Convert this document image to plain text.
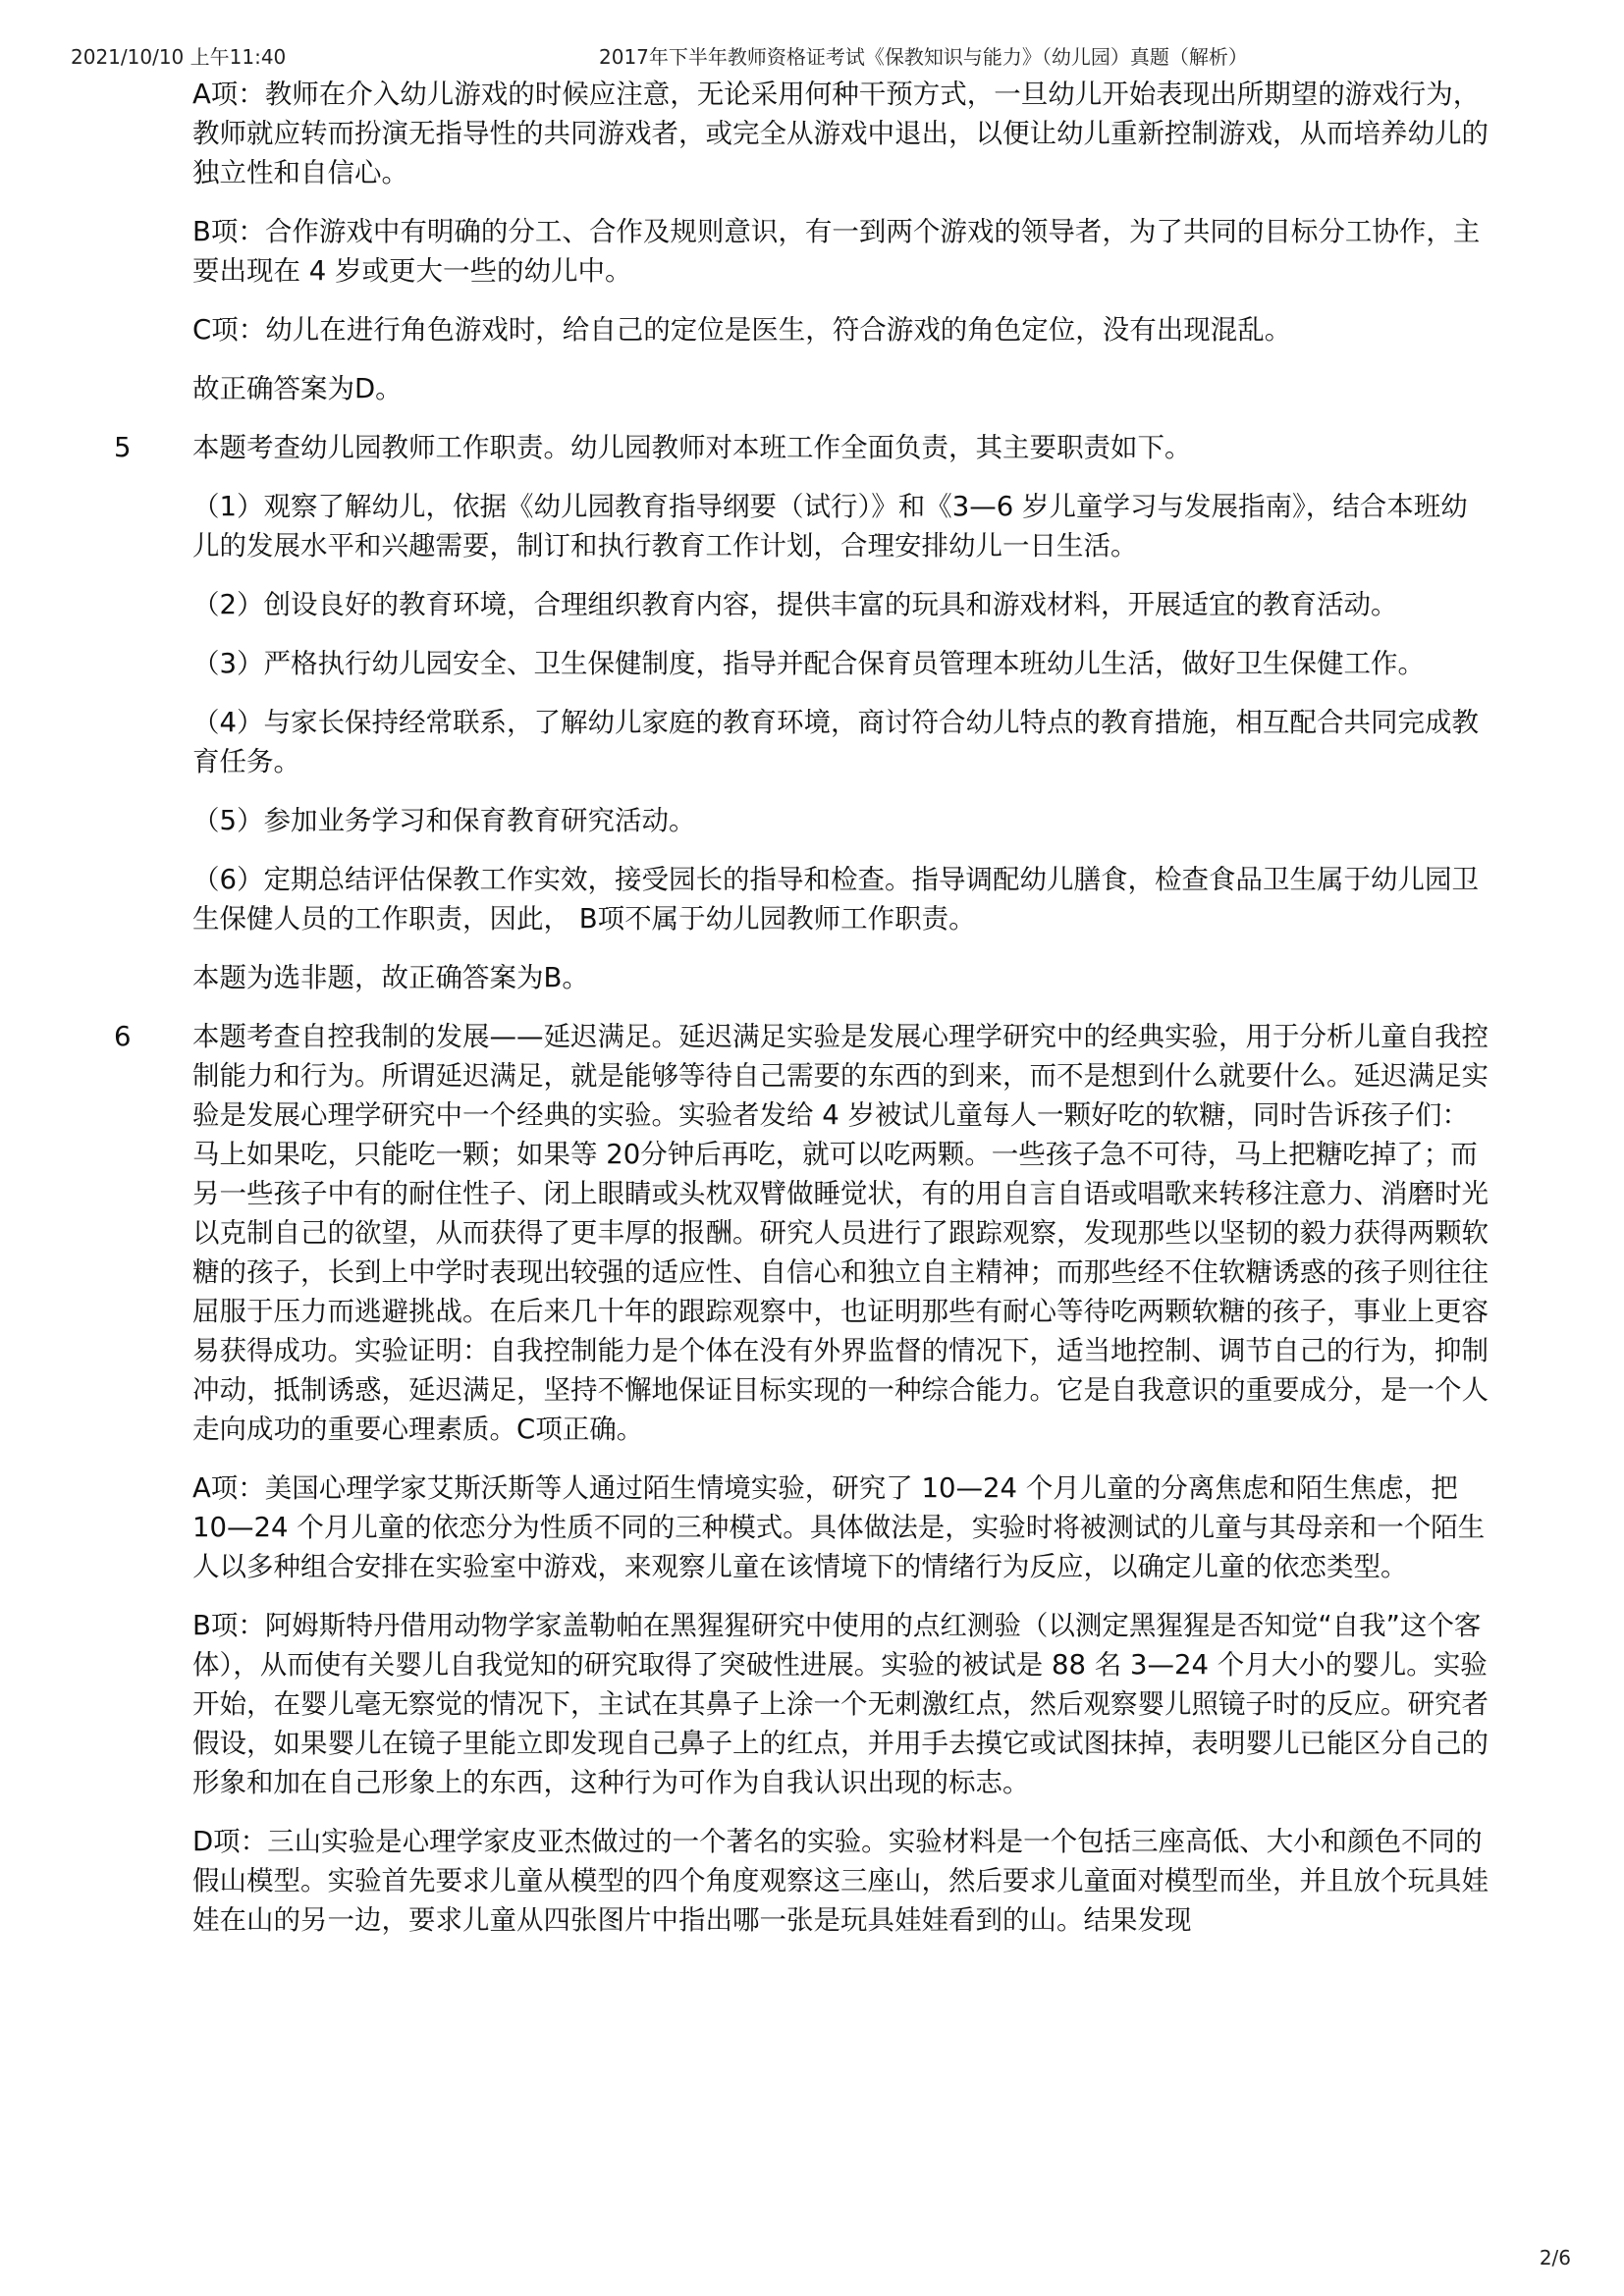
2021/10/10 上午11:40	2017年下半年教师资格证考试《保教知识与能力》（幼儿园）真题（解析）

A项：教师在介入幼儿游戏的时候应注意，无论采用何种干预方式，一旦幼儿开始表现出所期望的游戏行为，教师就应转而扮演无指导性的共同游戏者，或完全从游戏中退出，以便让幼儿重新控制游戏，从而培养幼儿的独立性和自信心。

B项：合作游戏中有明确的分工、合作及规则意识，有一到两个游戏的领导者，为了共同的目标分工协作，主要出现在 4 岁或更大一些的幼儿中。

C项：幼儿在进行角色游戏时，给自己的定位是医生，符合游戏的角色定位，没有出现混乱。

故正确答案为D。

5 本题考查幼儿园教师工作职责。幼儿园教师对本班工作全面负责，其主要职责如下。

（1）观察了解幼儿，依据《幼儿园教育指导纲要（试行）》和《3—6 岁儿童学习与发展指南》，结合本班幼儿的发展水平和兴趣需要，制订和执行教育工作计划，合理安排幼儿一日生活。

（2）创设良好的教育环境，合理组织教育内容，提供丰富的玩具和游戏材料，开展适宜的教育活动。

（3）严格执行幼儿园安全、卫生保健制度，指导并配合保育员管理本班幼儿生活，做好卫生保健工作。

（4）与家长保持经常联系，了解幼儿家庭的教育环境，商讨符合幼儿特点的教育措施，相互配合共同完成教育任务。

（5）参加业务学习和保育教育研究活动。

（6）定期总结评估保教工作实效，接受园长的指导和检查。指导调配幼儿膳食，检查食品卫生属于幼儿园卫生保健人员的工作职责，因此， B项不属于幼儿园教师工作职责。

本题为选非题，故正确答案为B。

6 本题考查自控我制的发展——延迟满足。延迟满足实验是发展心理学研究中的经典实验，用于分析儿童自我控制能力和行为。所谓延迟满足，就是能够等待自己需要的东西的到来，而不是想到什么就要什么。延迟满足实验是发展心理学研究中一个经典的实验。实验者发给 4 岁被试儿童每人一颗好吃的软糖，同时告诉孩子们：马上如果吃，只能吃一颗；如果等 20分钟后再吃，就可以吃两颗。一些孩子急不可待，马上把糖吃掉了；而另一些孩子中有的耐住性子、闭上眼睛或头枕双臂做睡觉状，有的用自言自语或唱歌来转移注意力、消磨时光以克制自己的欲望，从而获得了更丰厚的报酬。研究人员进行了跟踪观察，发现那些以坚韧的毅力获得两颗软糖的孩子，长到上中学时表现出较强的适应性、自信心和独立自主精神；而那些经不住软糖诱惑的孩子则往往屈服于压力而逃避挑战。在后来几十年的跟踪观察中，也证明那些有耐心等待吃两颗软糖的孩子，事业上更容易获得成功。实验证明：自我控制能力是个体在没有外界监督的情况下，适当地控制、调节自己的行为，抑制冲动，抵制诱惑，延迟满足，坚持不懈地保证目标实现的一种综合能力。它是自我意识的重要成分，是一个人走向成功的重要心理素质。C项正确。

A项：美国心理学家艾斯沃斯等人通过陌生情境实验，研究了 10—24 个月儿童的分离焦虑和陌生焦虑，把 10—24 个月儿童的依恋分为性质不同的三种模式。具体做法是，实验时将被测试的儿童与其母亲和一个陌生人以多种组合安排在实验室中游戏，来观察儿童在该情境下的情绪行为反应，以确定儿童的依恋类型。

B项：阿姆斯特丹借用动物学家盖勒帕在黑猩猩研究中使用的点红测验（以测定黑猩猩是否知觉“自我”这个客体），从而使有关婴儿自我觉知的研究取得了突破性进展。实验的被试是 88 名 3—24 个月大小的婴儿。实验开始，在婴儿毫无察觉的情况下，主试在其鼻子上涂一个无刺激红点，然后观察婴儿照镜子时的反应。研究者假设，如果婴儿在镜子里能立即发现自己鼻子上的红点，并用手去摸它或试图抹掉，表明婴儿已能区分自己的形象和加在自己形象上的东西，这种行为可作为自我认识出现的标志。

D项：三山实验是心理学家皮亚杰做过的一个著名的实验。实验材料是一个包括三座高低、大小和颜色不同的假山模型。实验首先要求儿童从模型的四个角度观察这三座山，然后要求儿童面对模型而坐，并且放个玩具娃娃在山的另一边，要求儿童从四张图片中指出哪一张是玩具娃娃看到的山。结果发现

2/6
